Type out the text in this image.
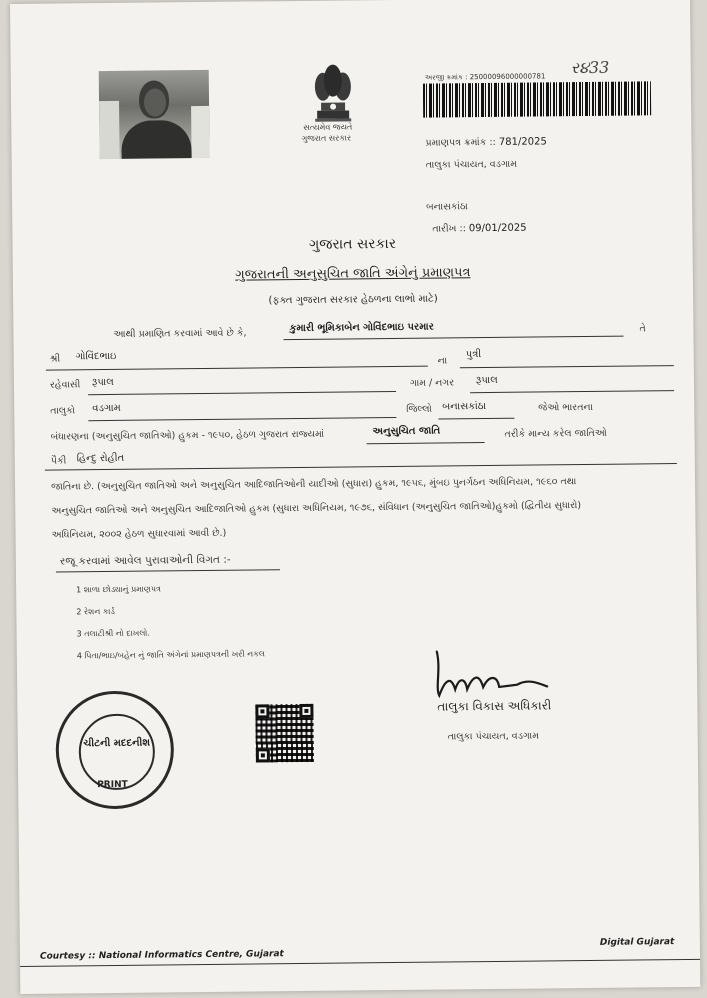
સત્યમેવ જયતે
ગુજરાત સરકાર
ર૪33
અરજી ક્રમાંક : 25000096000000781
પ્રમાણપત્ર ક્રમાંક :: 781/2025
તાલુકા પંચાયત, વડગામ
બનાસકાંઠા
તારીખ :: 09/01/2025
ગુજરાત સરકાર
ગુજરાતની અનુસુચિત જાતિ અંગેનું પ્રમાણપત્ર
(ફક્ત ગુજરાત સરકાર હેઠળના લાભો માટે)
આથી પ્રમાણિત કરવામાં આવે છે કે,	કુમારી ભૂમિકાબેન ગોવિંદભાઇ પરમાર	તે
શ્રી ગોવિંદભાઇ	ના
પુત્રી
રહેવાસી રૂપાલ	ગામ / નગર રૂપાલ
તાલુકો વડગામ	જિલ્લો બનાસકાંઠા	જેઓ ભારતના
બંધારણના (અનુસુચિત જાતિઓ) હુકમ - ૧૯૫૦, હેઠળ ગુજરાત રાજ્યમાં	અનુસુચિત જાતિ	તરીકે માન્ય કરેલ જાતિઓ
પૈકી હિન્દુ રોહીત
જાતિના છે. (અનુસુચિત જાતિઓ અને અનુસુચિત આદિજાતિઓની યાદીઓ (સુધારા) હુકમ, ૧૯૫૬, મુંબઇ પુનર્ગઠન અધિનિયમ, ૧૯૬૦ તથા
અનુસુચિત જાતિઓ અને અનુસુચિત આદિજાતિઓ હુકમ (સુધારા અધિનિયમ, ૧૯૭૬, સંવિધાન (અનુસુચિત જાતિઓ)હુકમો (દ્વિતીય સુધારો)
અધિનિયમ, ૨૦૦૨ હેઠળ સુધારવામાં આવી છે.)
રજૂ કરવામાં આવેલ પુરાવાઓની વિગત :-
1 શાળા છોડ્યાનું પ્રમાણપત્ર
2 રેશન કાર્ડ
3 તલાટીશ્રી નો દાખલો.
4 પિતા/ભાઇ/બહેન નું જાતિ અંગેનાં પ્રમાણપત્રની ખરી નકલ
ચીટની મદદનીશ
PRINT
તાલુકા વિકાસ અધિકારી
તાલુકા પંચાયત, વડગામ
Courtesy :: National Informatics Centre, Gujarat
Digital Gujarat
